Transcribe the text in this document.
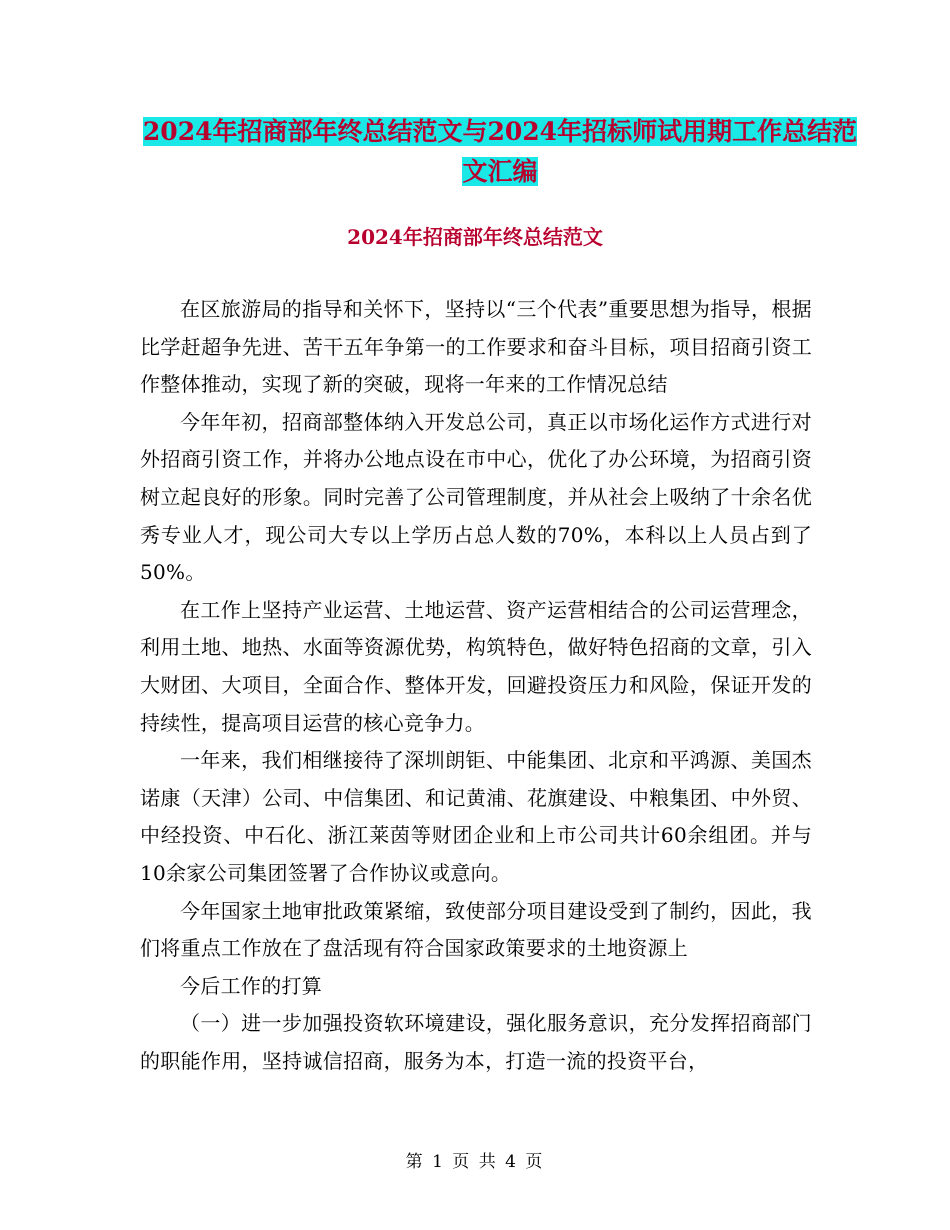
2024年招商部年终总结范文与2024年招标师试用期工作总结范文汇编
2024年招商部年终总结范文

在区旅游局的指导和关怀下，坚持以“三个代表”重要思想为指导，根据比学赶超争先进、苦干五年争第一的工作要求和奋斗目标，项目招商引资工作整体推动，实现了新的突破，现将一年来的工作情况总结

今年年初，招商部整体纳入开发总公司，真正以市场化运作方式进行对外招商引资工作，并将办公地点设在市中心，优化了办公环境，为招商引资树立起良好的形象。同时完善了公司管理制度，并从社会上吸纳了十余名优秀专业人才，现公司大专以上学历占总人数的70%，本科以上人员占到了50%。

在工作上坚持产业运营、土地运营、资产运营相结合的公司运营理念，利用土地、地热、水面等资源优势，构筑特色，做好特色招商的文章，引入大财团、大项目，全面合作、整体开发，回避投资压力和风险，保证开发的持续性，提高项目运营的核心竞争力。

一年来，我们相继接待了深圳朗钜、中能集团、北京和平鸿源、美国杰诺康（天津）公司、中信集团、和记黄浦、花旗建设、中粮集团、中外贸、中经投资、中石化、浙江莱茵等财团企业和上市公司共计60余组团。并与10余家公司集团签署了合作协议或意向。

今年国家土地审批政策紧缩，致使部分项目建设受到了制约，因此，我们将重点工作放在了盘活现有符合国家政策要求的土地资源上

今后工作的打算

（一）进一步加强投资软环境建设，强化服务意识，充分发挥招商部门的职能作用，坚持诚信招商，服务为本，打造一流的投资平台，

第 1 页 共 4 页
